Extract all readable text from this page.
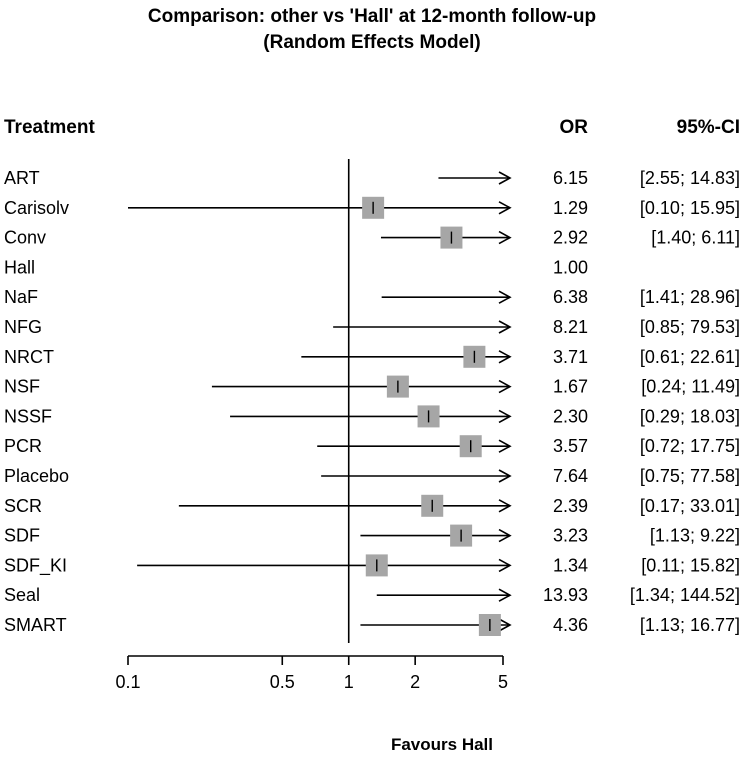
Comparison: other vs 'Hall' at 12-month follow-up
(Random Effects Model)
Treatment	OR	95%-CI
ART	6.15	[2.55; 14.83]
Carisolv	1.29	[0.10; 15.95]
Conv	2.92	[1.40; 6.11]
Hall	1.00
NaF	6.38	[1.41; 28.96]
NFG	8.21	[0.85; 79.53]
NRCT	3.71	[0.61; 22.61]
NSF	1.67	[0.24; 11.49]
NSSF	2.30	[0.29; 18.03]
PCR	3.57	[0.72; 17.75]
Placebo	7.64	[0.75; 77.58]
SCR	2.39	[0.17; 33.01]
SDF	3.23	[1.13; 9.22]
SDF_KI	1.34	[0.11; 15.82]
Seal	13.93 [1.34; 144.52]
SMART	4.36	[1.13; 16.77]
0.1	0.5	1	2	5
Favours Hall
